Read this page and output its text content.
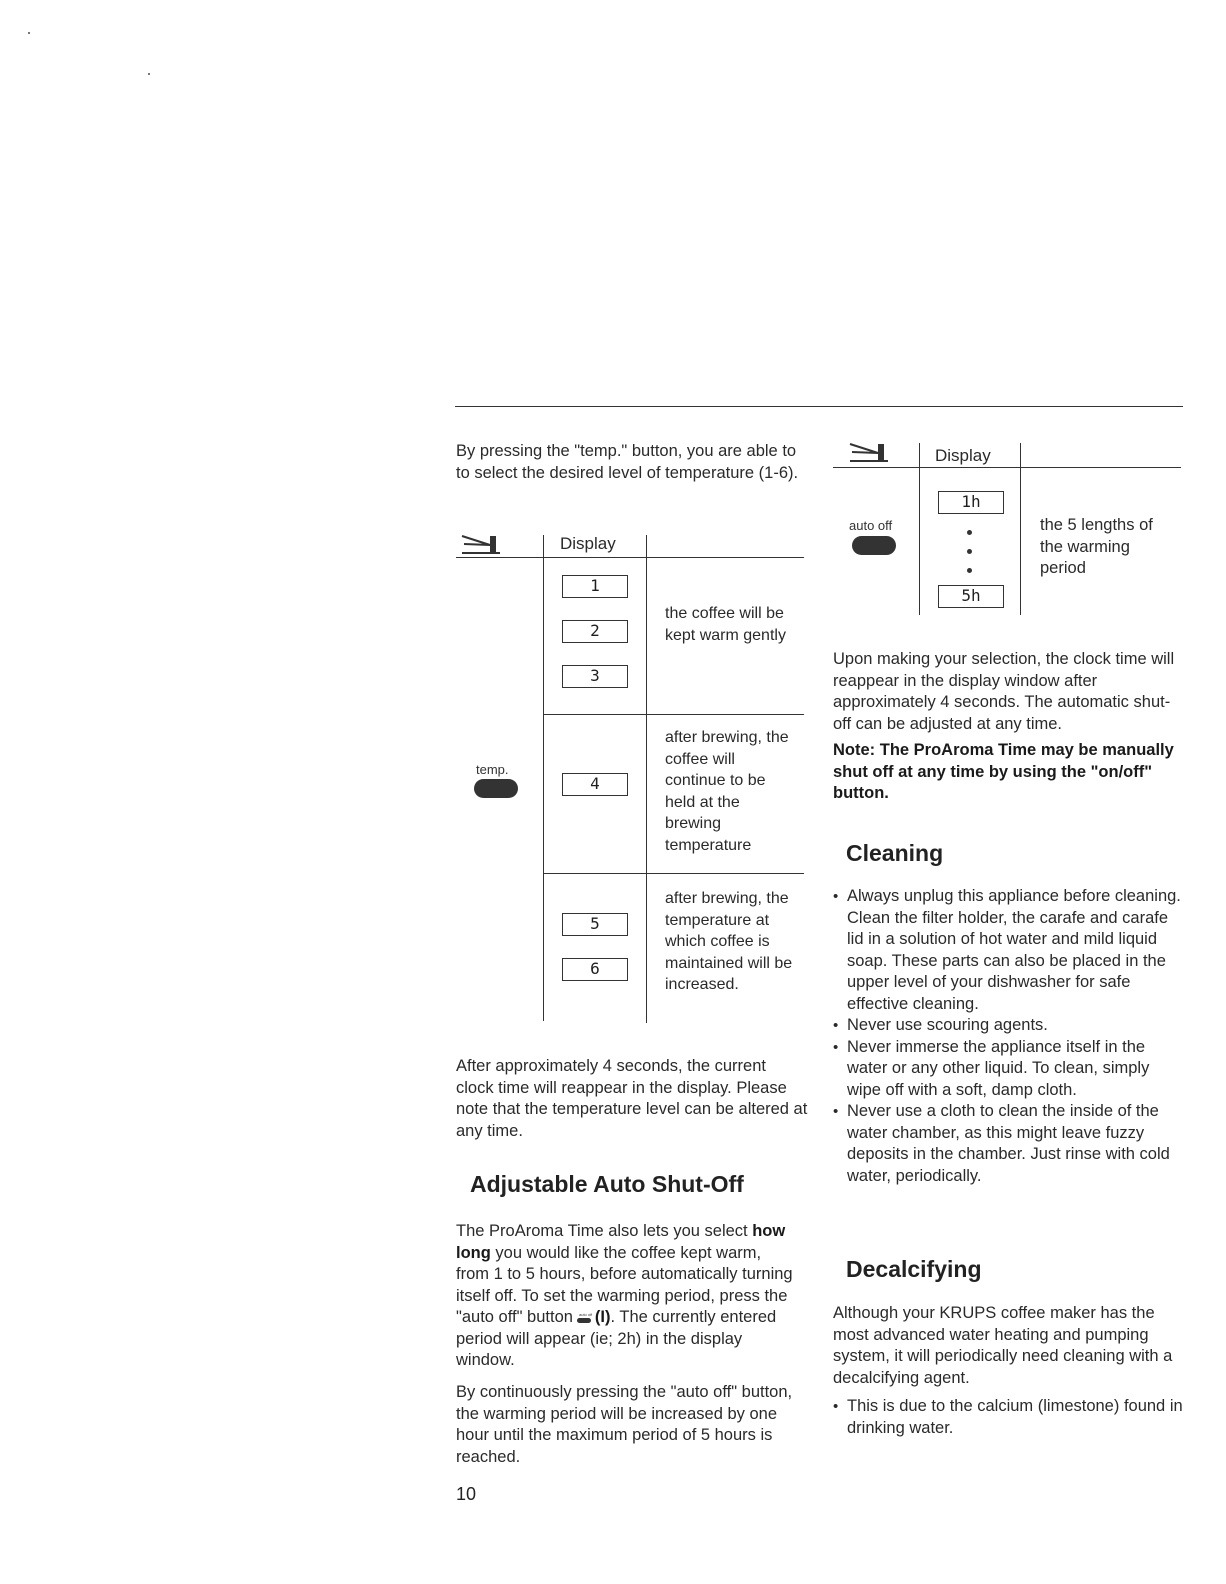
By pressing the "temp." button, you are able to to select the desired level of temperature (1-6).
Display
1
2
3
the coffee will be kept warm gently
temp.
4
after brewing, the coffee will continue to be held at the brewing temperature
5
6
after brewing, the temperature at which coffee is maintained will be increased.
After approximately 4 seconds, the current clock time will reappear in the display. Please note that the temperature level can be altered at any time.
Adjustable Auto Shut-Off
The ProAroma Time also lets you select how long you would like the coffee kept warm, from 1 to 5 hours, before automatically turning itself off. To set the warming period, press the "auto off" button auto off (I). The currently entered period will appear (ie; 2h) in the display window.
By continuously pressing the "auto off" button, the warming period will be increased by one hour until the maximum period of 5 hours is reached.
10
Display
auto off
1h
5h
the 5 lengths of the warming period
Upon making your selection, the clock time will reappear in the display window after approximately 4 seconds. The automatic shut-off can be adjusted at any time.
Note: The ProAroma Time may be manually shut off at any time by using the "on/off" button.
Cleaning
• Always unplug this appliance before cleaning. Clean the filter holder, the carafe and carafe lid in a solution of hot water and mild liquid soap. These parts can also be placed in the upper level of your dishwasher for safe effective cleaning.
• Never use scouring agents.
• Never immerse the appliance itself in the water or any other liquid. To clean, simply wipe off with a soft, damp cloth.
• Never use a cloth to clean the inside of the water chamber, as this might leave fuzzy deposits in the chamber. Just rinse with cold water, periodically.
Decalcifying
Although your KRUPS coffee maker has the most advanced water heating and pumping system, it will periodically need cleaning with a decalcifying agent.
• This is due to the calcium (limestone) found in drinking water.
